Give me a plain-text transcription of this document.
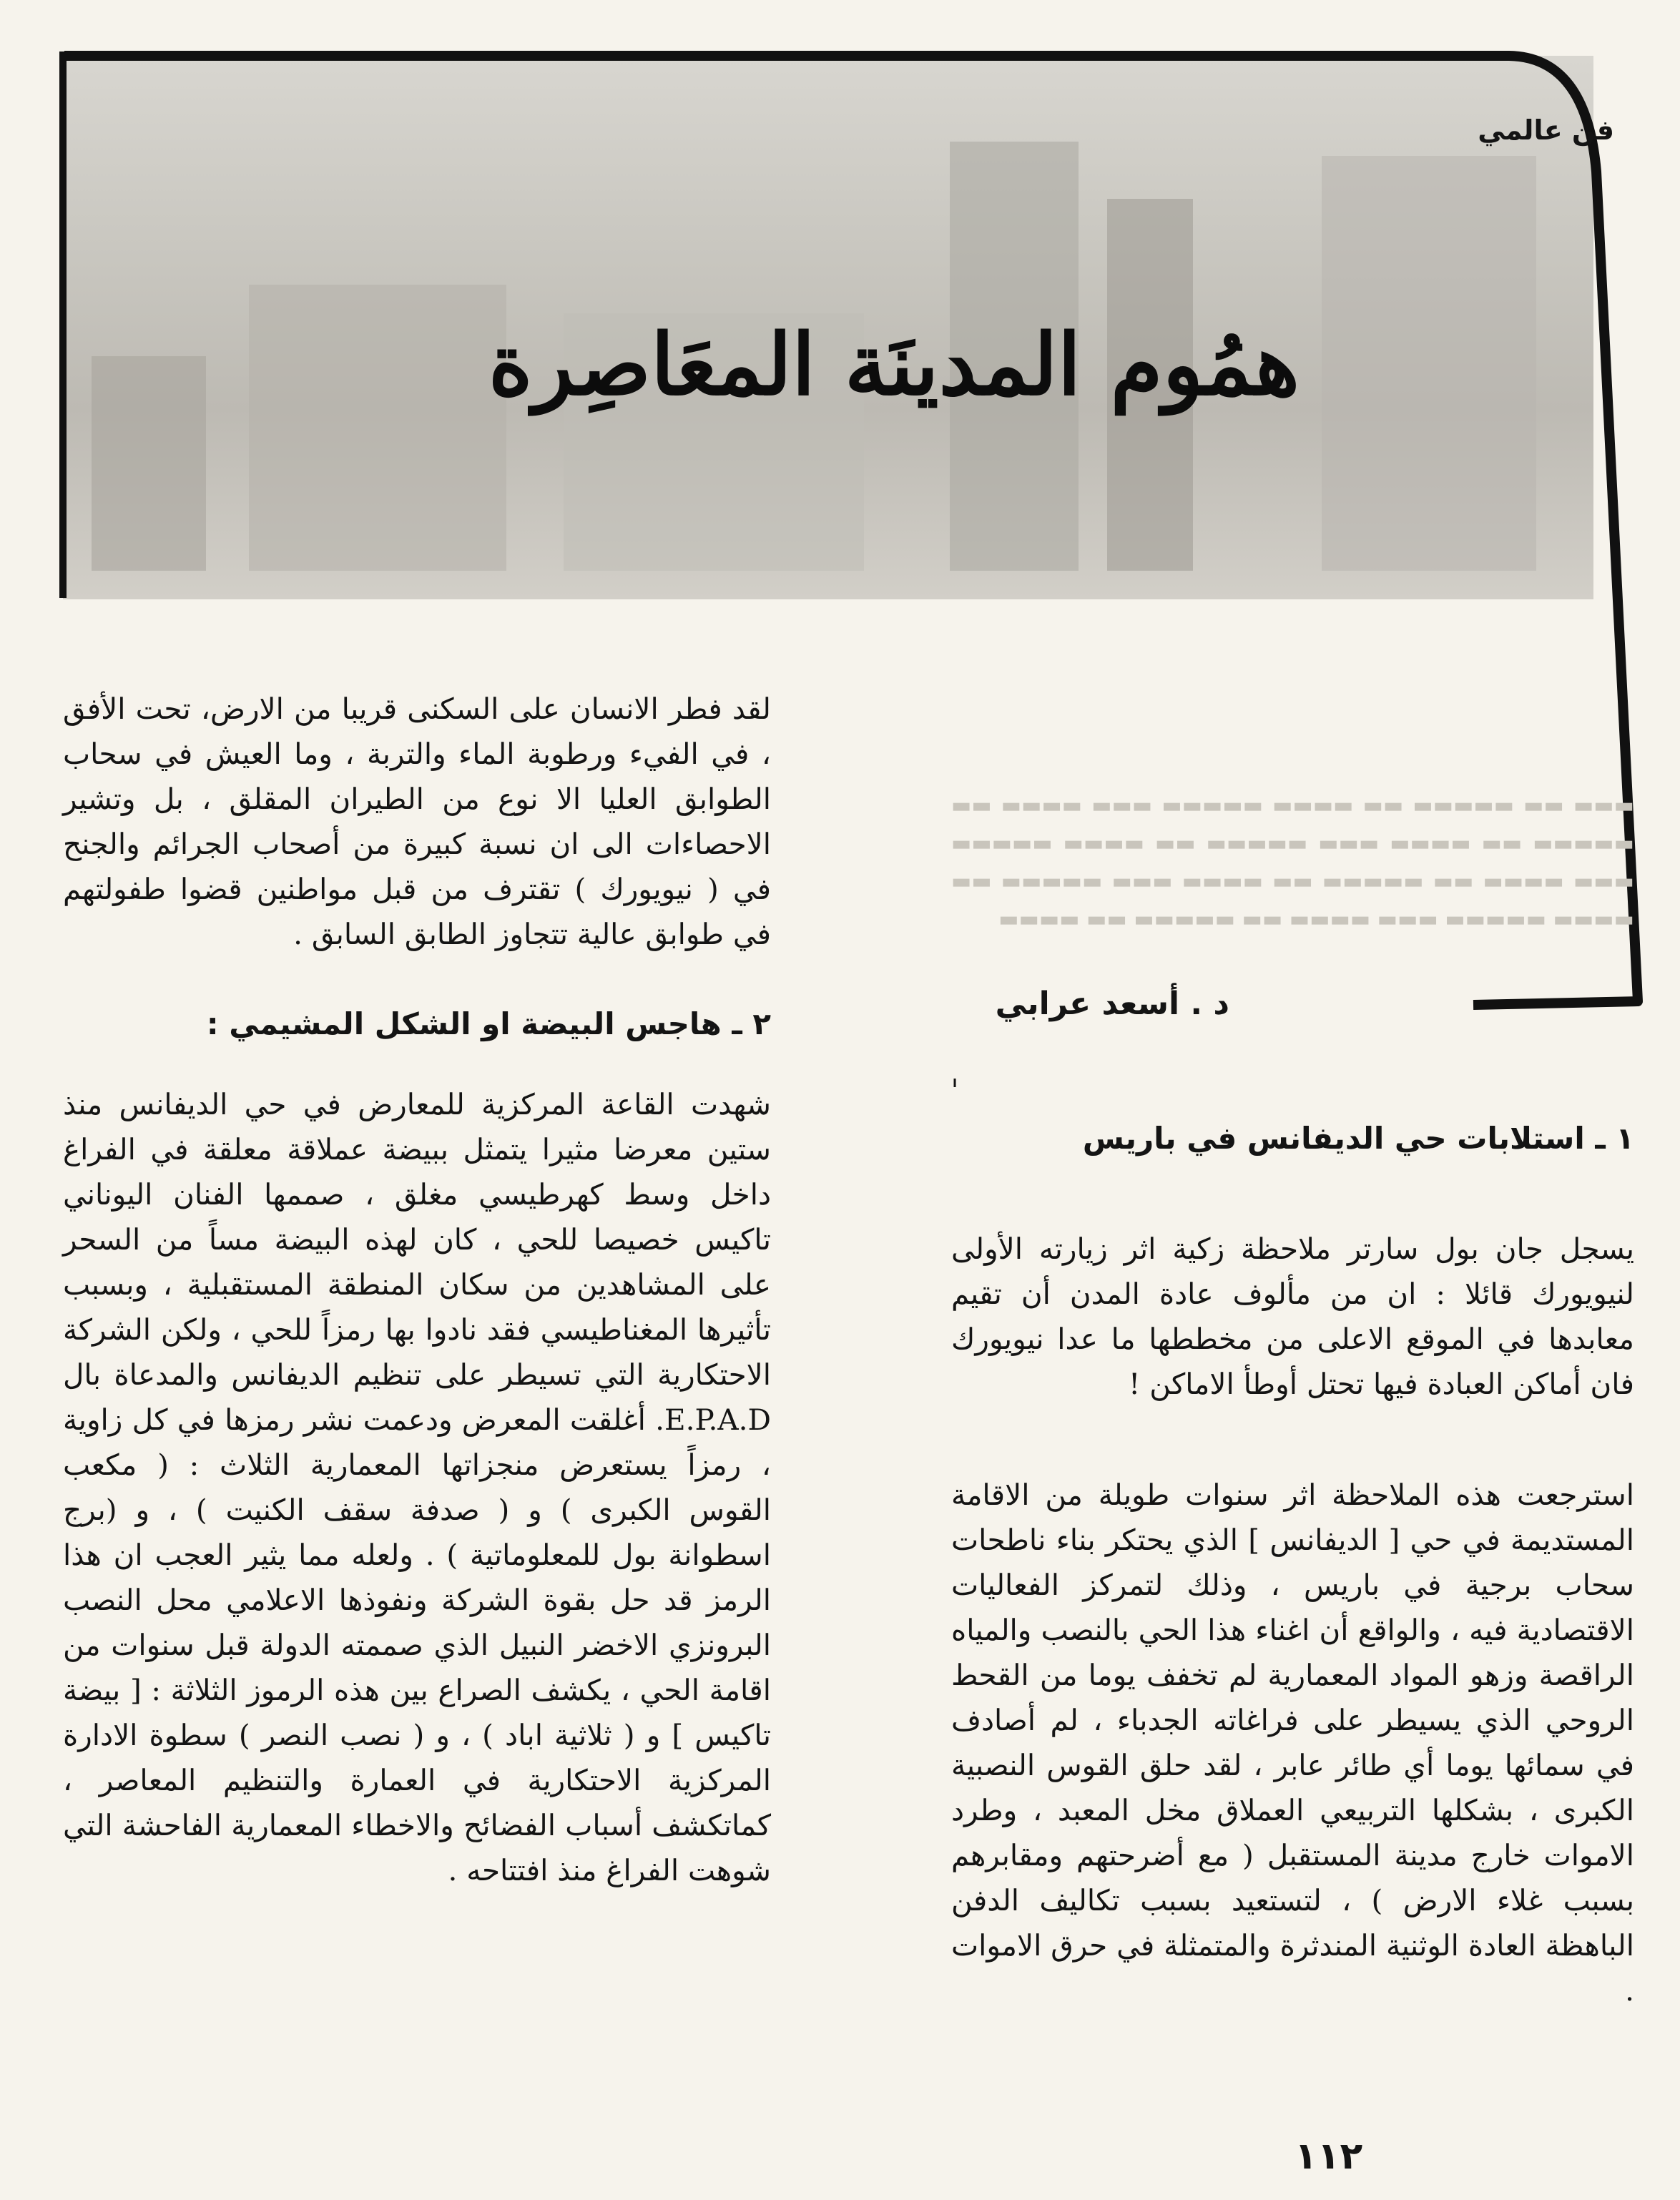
▬▬▬ ▬▬ ▬▬▬▬▬ ▬▬ ▬▬▬▬ ▬▬▬▬▬ ▬▬▬ ▬▬▬▬ ▬▬ ▬▬▬▬▬ ▬▬ ▬▬▬▬ ▬▬▬ ▬▬▬▬▬ ▬▬ ▬▬▬▬ ▬▬▬▬▬ ▬▬▬ ▬▬▬▬ ▬▬ ▬▬▬▬▬ ▬▬ ▬▬▬▬ ▬▬▬ ▬▬▬▬▬ ▬▬ ▬▬▬▬ ▬▬▬▬▬ ▬▬▬ ▬▬▬▬ ▬▬ ▬▬▬▬▬ ▬▬ ▬▬▬▬
فن عالمي
همُوم المدينَة المعَاصِرة
د . أسعد عرابي

لقد فطر الانسان على السكنى قريبا من الارض، تحت الأفق ، في الفيء ورطوبة الماء والتربة ، وما العيش في سحاب الطوابق العليا الا نوع من الطيران المقلق ، بل وتشير الاحصاءات الى ان نسبة كبيرة من أصحاب الجرائم والجنح في ( نيويورك ) تقترف من قبل مواطنين قضوا طفولتهم في طوابق عالية تتجاوز الطابق السابق .

٢ ـ هاجس البيضة او الشكل المشيمي :

شهدت القاعة المركزية للمعارض في حي الديفانس منذ ستين معرضا مثيرا يتمثل ببيضة عملاقة معلقة في الفراغ داخل وسط كهرطيسي مغلق ، صممها الفنان اليوناني تاكيس خصيصا للحي ، كان لهذه البيضة مساً من السحر على المشاهدين من سكان المنطقة المستقبلية ، وبسبب تأثيرها المغناطيسي فقد نادوا بها رمزاً للحي ، ولكن الشركة الاحتكارية التي تسيطر على تنظيم الديفانس والمدعاة بال E.P.A.D. أغلقت المعرض ودعمت نشر رمزها في كل زاوية ، رمزاً يستعرض منجزاتها المعمارية الثلاث : ( مكعب القوس الكبرى ) و ( صدفة سقف الكنيت ) ، و (برج اسطوانة بول للمعلوماتية ) . ولعله مما يثير العجب ان هذا الرمز قد حل بقوة الشركة ونفوذها الاعلامي محل النصب البرونزي الاخضر النبيل الذي صممته الدولة قبل سنوات من اقامة الحي ، يكشف الصراع بين هذه الرموز الثلاثة : [ بيضة تاكيس ] و ( ثلاثية اباد ) ، و ( نصب النصر ) سطوة الادارة المركزية الاحتكارية في العمارة والتنظيم المعاصر ، كماتكشف أسباب الفضائح والاخطاء المعمارية الفاحشة التي شوهت الفراغ منذ افتتاحه .

١ ـ استلابات حي الديفانس في باريس

يسجل جان بول سارتر ملاحظة زكية اثر زيارته الأولى لنيويورك قائلا : ان من مألوف عادة المدن أن تقيم معابدها في الموقع الاعلى من مخططها ما عدا نيويورك فان أماكن العبادة فيها تحتل أوطأ الاماكن !

استرجعت هذه الملاحظة اثر سنوات طويلة من الاقامة المستديمة في حي [ الديفانس ] الذي يحتكر بناء ناطحات سحاب برجية في باريس ، وذلك لتمركز الفعاليات الاقتصادية فيه ، والواقع أن اغناء هذا الحي بالنصب والمياه الراقصة وزهو المواد المعمارية لم تخفف يوما من القحط الروحي الذي يسيطر على فراغاته الجدباء ، لم أصادف في سمائها يوما أي طائر عابر ، لقد حلق القوس النصبية الكبرى ، بشكلها التربيعي العملاق مخل المعبد ، وطرد الاموات خارج مدينة المستقبل ( مع أضرحتهم ومقابرهم بسبب غلاء الارض ) ، لتستعيد بسبب تكاليف الدفن الباهظة العادة الوثنية المندثرة والمتمثلة في حرق الاموات .

١١٢
